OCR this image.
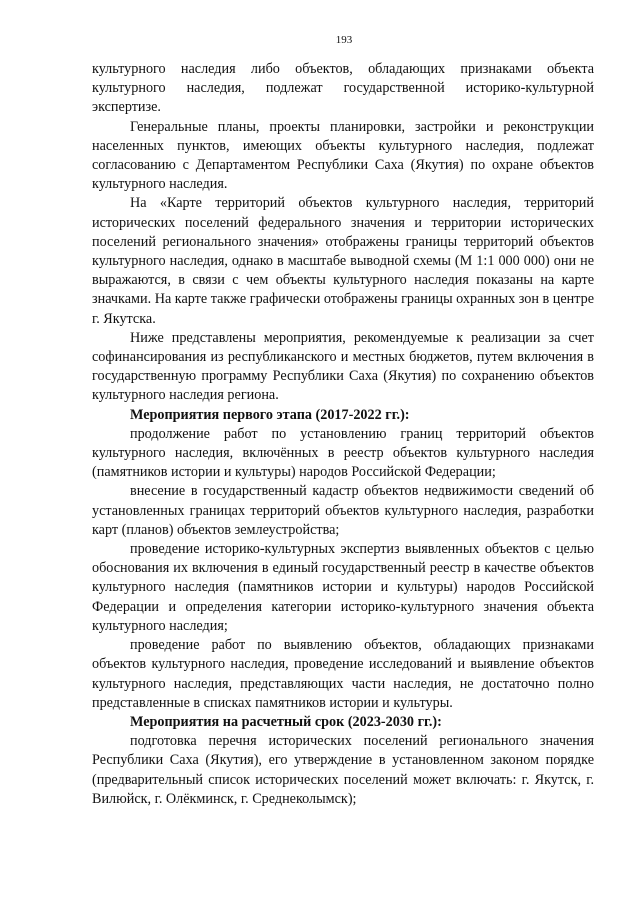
193

культурного наследия либо объектов, обладающих признаками объекта культурного наследия, подлежат государственной историко-культурной экспертизе.

Генеральные планы, проекты планировки, застройки и реконструкции населенных пунктов, имеющих объекты культурного наследия, подлежат согласованию с Департаментом Республики Саха (Якутия) по охране объектов культурного наследия.

На «Карте территорий объектов культурного наследия, территорий исторических поселений федерального значения и территории исторических поселений регионального значения» отображены границы территорий объектов культурного наследия, однако в масштабе выводной схемы (М 1:1 000 000) они не выражаются, в связи с чем объекты культурного наследия показаны на карте значками. На карте также графически отображены границы охранных зон в центре г. Якутска.

Ниже представлены мероприятия, рекомендуемые к реализации за счет софинансирования из республиканского и местных бюджетов, путем включения в государственную программу Республики Саха (Якутия) по сохранению объектов культурного наследия региона.

Мероприятия первого этапа (2017-2022 гг.):

продолжение работ по установлению границ территорий объектов культурного наследия, включённых в реестр объектов культурного наследия (памятников истории и культуры) народов Российской Федерации;

внесение в государственный кадастр объектов недвижимости сведений об установленных границах территорий объектов культурного наследия, разработки карт (планов) объектов землеустройства;

проведение историко-культурных экспертиз выявленных объектов с целью обоснования их включения в единый государственный реестр в качестве объектов культурного наследия (памятников истории и культуры) народов Российской Федерации и определения категории историко-культурного значения объекта культурного наследия;

проведение работ по выявлению объектов, обладающих признаками объектов культурного наследия, проведение исследований и выявление объектов культурного наследия, представляющих части наследия, не достаточно полно представленные в списках памятников истории и культуры.

Мероприятия на расчетный срок (2023-2030 гг.):

подготовка перечня исторических поселений регионального значения Республики Саха (Якутия), его утверждение в установленном законом порядке (предварительный список исторических поселений может включать: г. Якутск, г. Вилюйск, г. Олёкминск, г. Среднеколымск);
